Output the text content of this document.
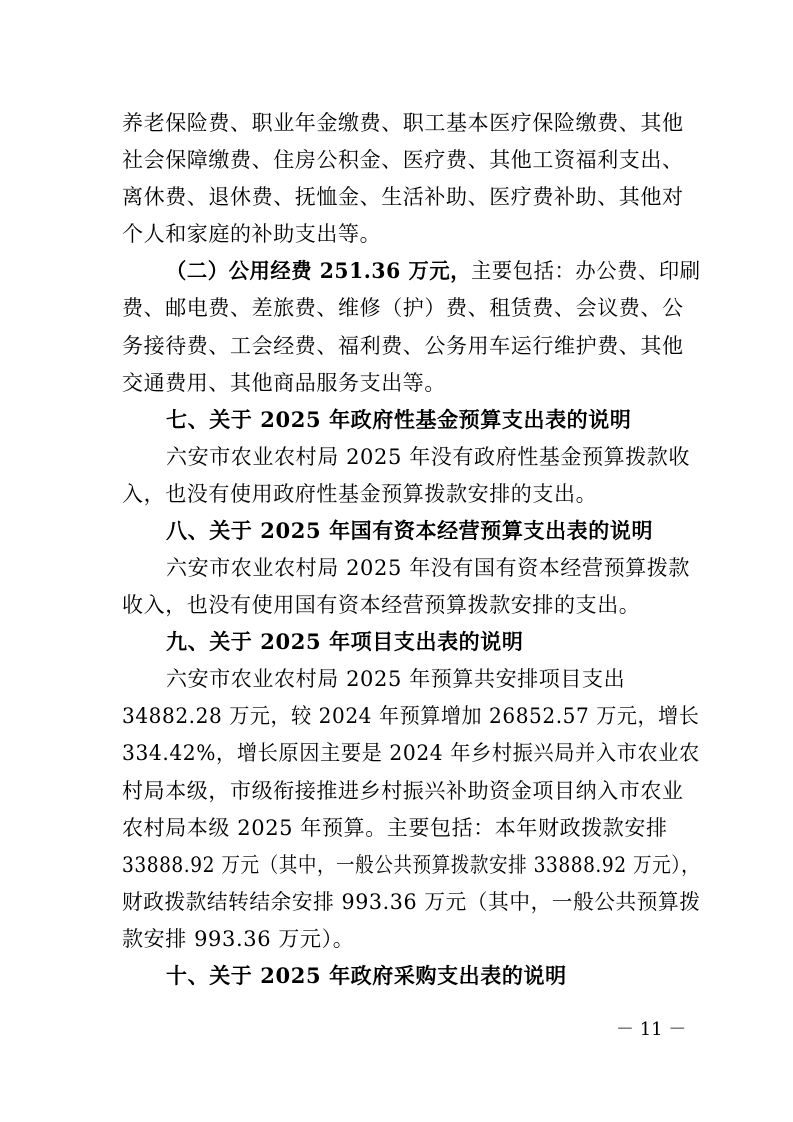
养老保险费、职业年金缴费、职工基本医疗保险缴费、其他
社会保障缴费、住房公积金、医疗费、其他工资福利支出、
离休费、退休费、抚恤金、生活补助、医疗费补助、其他对
个人和家庭的补助支出等。
（二）公用经费 251.36 万元，主要包括：办公费、印刷
费、邮电费、差旅费、维修（护）费、租赁费、会议费、公
务接待费、工会经费、福利费、公务用车运行维护费、其他
交通费用、其他商品服务支出等。
七、关于 2025 年政府性基金预算支出表的说明
六安市农业农村局 2025 年没有政府性基金预算拨款收
入，也没有使用政府性基金预算拨款安排的支出。
八、关于 2025 年国有资本经营预算支出表的说明
六安市农业农村局 2025 年没有国有资本经营预算拨款
收入，也没有使用国有资本经营预算拨款安排的支出。
九、关于 2025 年项目支出表的说明
六安市农业农村局 2025 年预算共安排项目支出
34882.28 万元，较 2024 年预算增加 26852.57 万元，增长
334.42%，增长原因主要是 2024 年乡村振兴局并入市农业农
村局本级，市级衔接推进乡村振兴补助资金项目纳入市农业
农村局本级 2025 年预算。主要包括：本年财政拨款安排
33888.92 万元（其中，一般公共预算拨款安排 33888.92 万元），
财政拨款结转结余安排 993.36 万元（其中，一般公共预算拨
款安排 993.36 万元）。
十、关于 2025 年政府采购支出表的说明
－ 11 －
